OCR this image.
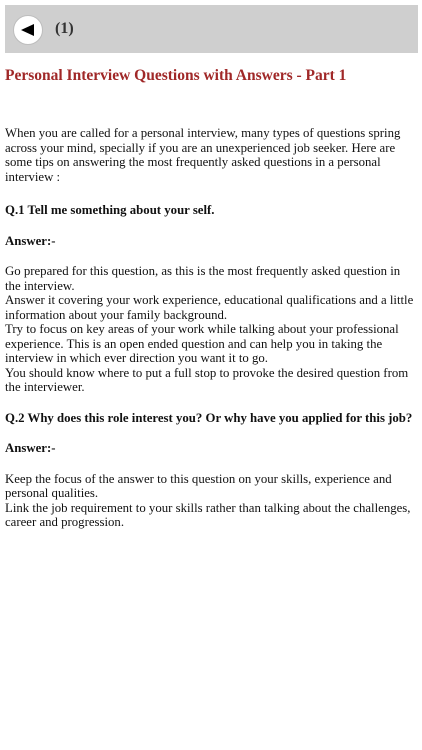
(1)
Personal Interview Questions with Answers - Part 1

When you are called for a personal interview, many types of questions spring across your mind, specially if you are an unexperienced job seeker. Here are some tips on answering the most frequently asked questions in a personal interview :

Q.1 Tell me something about your self.

Answer:-

Go prepared for this question, as this is the most frequently asked question in the interview.
Answer it covering your work experience, educational qualifications and a little information about your family background.
Try to focus on key areas of your work while talking about your professional experience. This is an open ended question and can help you in taking the interview in which ever direction you want it to go.
You should know where to put a full stop to provoke the desired question from the interviewer.

Q.2 Why does this role interest you? Or why have you applied for this job?

Answer:-

Keep the focus of the answer to this question on your skills, experience and personal qualities.
Link the job requirement to your skills rather than talking about the challenges, career and progression.
